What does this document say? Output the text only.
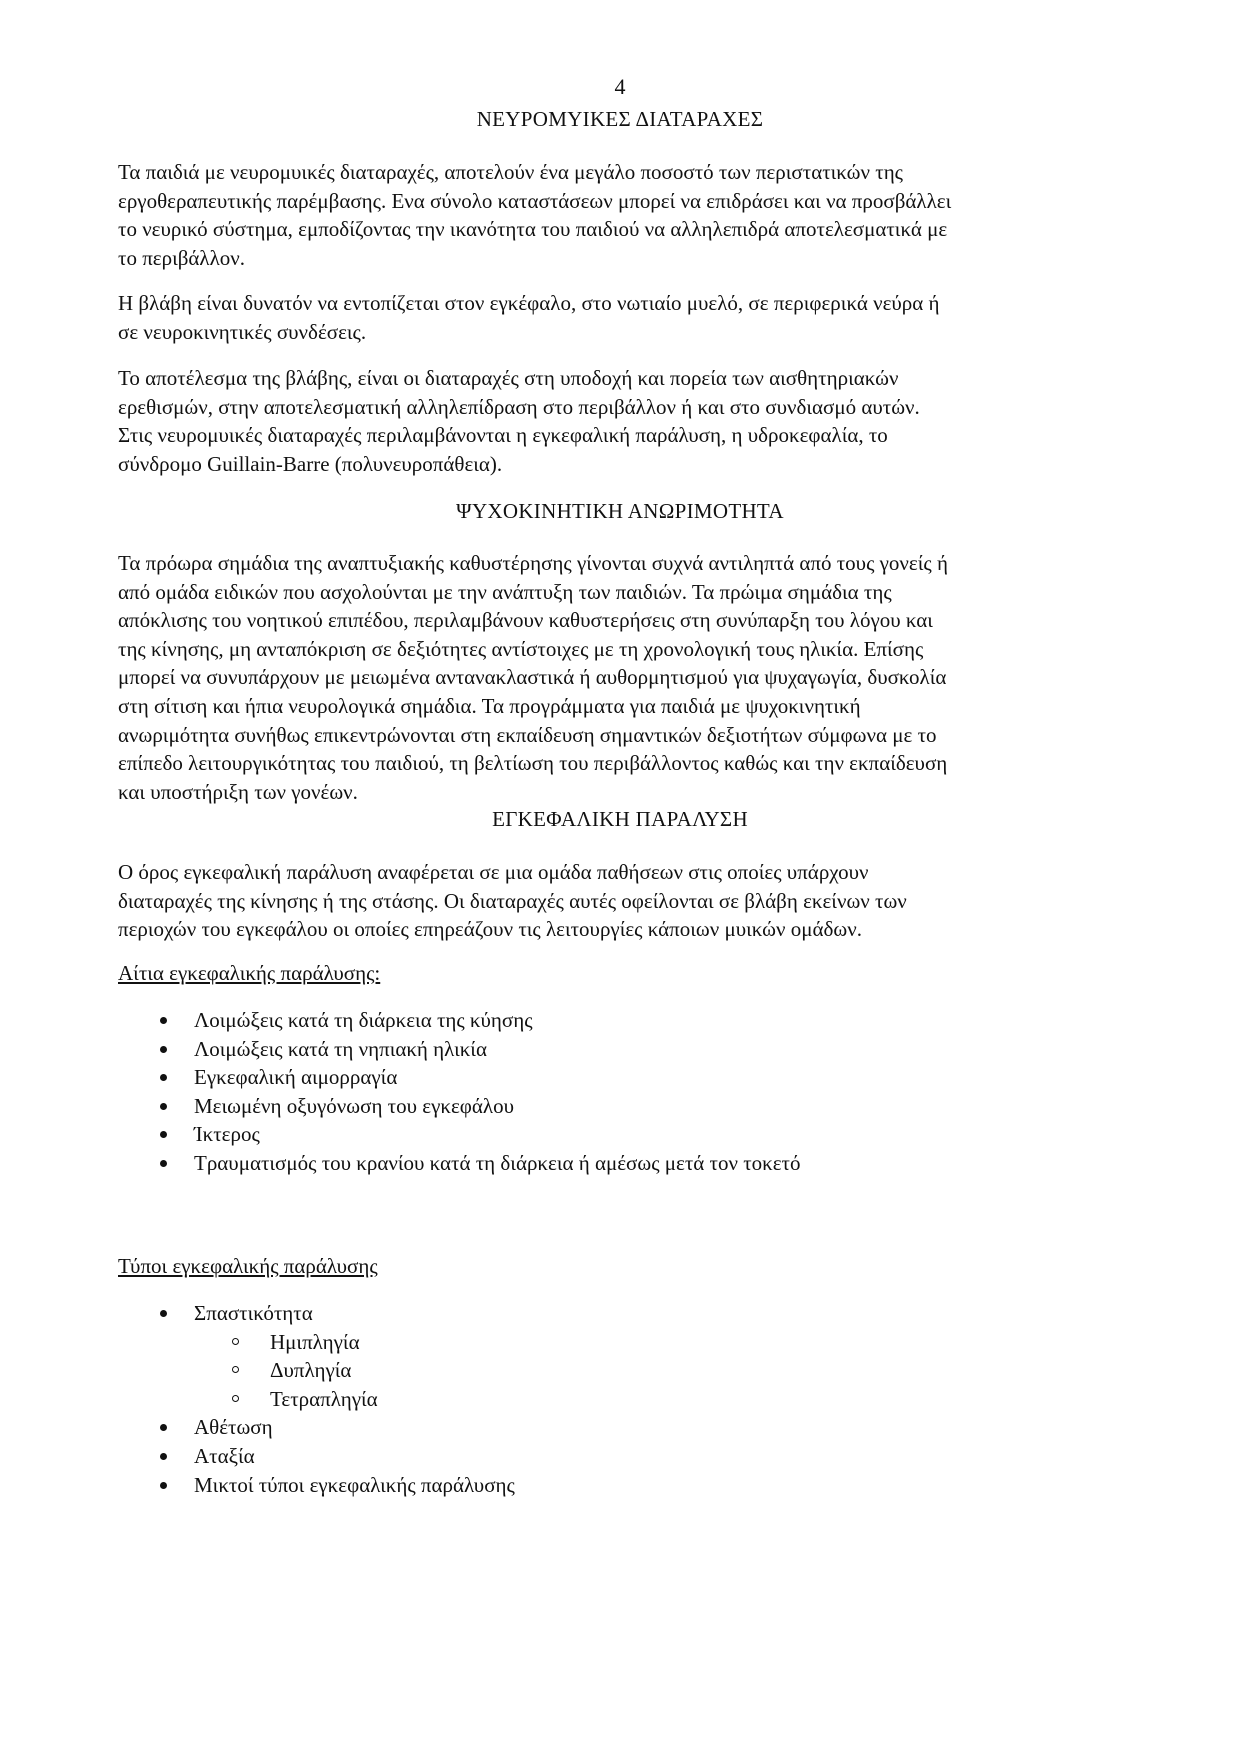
4
ΝΕΥΡΟΜΥΙΚΕΣ ΔΙΑΤΑΡΑΧΕΣ
Τα παιδιά με νευρομυικές διαταραχές, αποτελούν ένα μεγάλο ποσοστό των περιστατικών της
εργοθεραπευτικής παρέμβασης. Ενα σύνολο καταστάσεων μπορεί να επιδράσει και να προσβάλλει
το νευρικό σύστημα, εμποδίζοντας την ικανότητα του παιδιού να αλληλεπιδρά αποτελεσματικά με
το περιβάλλον.
Η βλάβη είναι δυνατόν να εντοπίζεται στον εγκέφαλο, στο νωτιαίο μυελό, σε περιφερικά νεύρα ή
σε νευροκινητικές συνδέσεις.
Το αποτέλεσμα της βλάβης, είναι οι διαταραχές στη υποδοχή και πορεία των αισθητηριακών
ερεθισμών, στην αποτελεσματική αλληλεπίδραση στο περιβάλλον ή και στο συνδιασμό αυτών.
Στις νευρομυικές διαταραχές περιλαμβάνονται η εγκεφαλική παράλυση, η υδροκεφαλία, το
σύνδρομο Guillain-Barre (πολυνευροπάθεια).
ΨΥΧΟΚΙΝΗΤΙΚΗ ΑΝΩΡΙΜΟΤΗΤΑ
Τα πρόωρα σημάδια της αναπτυξιακής καθυστέρησης γίνονται συχνά αντιληπτά από τους γονείς ή
από ομάδα ειδικών που ασχολούνται με την ανάπτυξη των παιδιών. Τα πρώιμα σημάδια της
απόκλισης του νοητικού επιπέδου, περιλαμβάνουν καθυστερήσεις στη συνύπαρξη του λόγου και
της κίνησης, μη ανταπόκριση σε δεξιότητες αντίστοιχες με τη χρονολογική τους ηλικία. Επίσης
μπορεί να συνυπάρχουν με μειωμένα αντανακλαστικά ή αυθορμητισμού για ψυχαγωγία, δυσκολία
στη σίτιση και ήπια νευρολογικά σημάδια. Τα προγράμματα για παιδιά με ψυχοκινητική
ανωριμότητα συνήθως επικεντρώνονται στη εκπαίδευση σημαντικών δεξιοτήτων σύμφωνα με το
επίπεδο λειτουργικότητας του παιδιού, τη βελτίωση του περιβάλλοντος καθώς και την εκπαίδευση
και υποστήριξη των γονέων.
ΕΓΚΕΦΑΛΙΚΗ ΠΑΡΑΛΥΣΗ
Ο όρος εγκεφαλική παράλυση αναφέρεται σε μια ομάδα παθήσεων στις οποίες υπάρχουν
διαταραχές της κίνησης ή της στάσης. Οι διαταραχές αυτές οφείλονται σε βλάβη εκείνων των
περιοχών του εγκεφάλου οι οποίες επηρεάζουν τις λειτουργίες κάποιων μυικών ομάδων.
Αίτια εγκεφαλικής παράλυσης:
Λοιμώξεις κατά τη διάρκεια της κύησης
Λοιμώξεις κατά τη νηπιακή ηλικία
Εγκεφαλική αιμορραγία
Μειωμένη οξυγόνωση του εγκεφάλου
Ίκτερος
Τραυματισμός του κρανίου κατά τη διάρκεια ή αμέσως μετά τον τοκετό
Τύποι εγκεφαλικής παράλυσης
Σπαστικότητα
Ημιπληγία
Δυπληγία
Τετραπληγία
Αθέτωση
Αταξία
Μικτοί τύποι εγκεφαλικής παράλυσης
